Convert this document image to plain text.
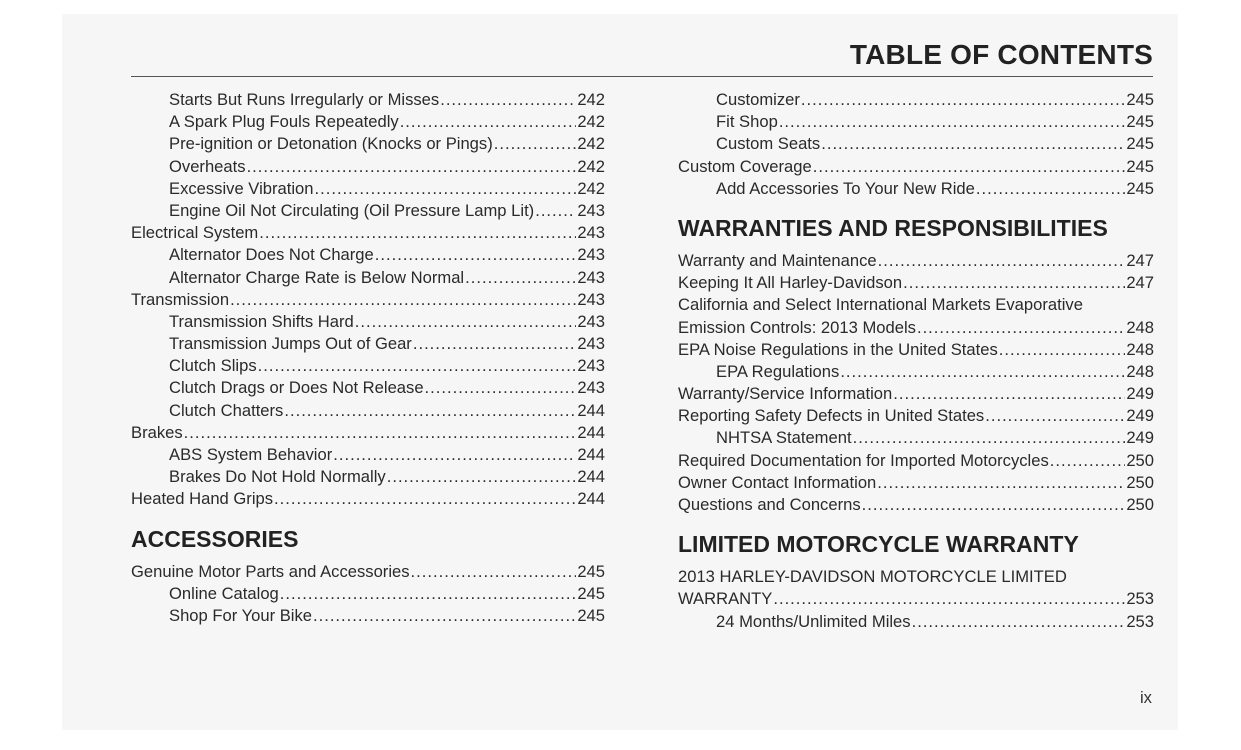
TABLE OF CONTENTS
Starts But Runs Irregularly or Misses .....	242
A Spark Plug Fouls Repeatedly .....	242
Pre-ignition or Detonation (Knocks or Pings) .....	242
Overheats .....	242
Excessive Vibration .....	242
Engine Oil Not Circulating (Oil Pressure Lamp Lit) .....	243
Electrical System .....	243
Alternator Does Not Charge .....	243
Alternator Charge Rate is Below Normal .....	243
Transmission .....	243
Transmission Shifts Hard .....	243
Transmission Jumps Out of Gear .....	243
Clutch Slips .....	243
Clutch Drags or Does Not Release .....	243
Clutch Chatters .....	244
Brakes .....	244
ABS System Behavior .....	244
Brakes Do Not Hold Normally .....	244
Heated Hand Grips .....	244
ACCESSORIES
Genuine Motor Parts and Accessories .....	245
Online Catalog .....	245
Shop For Your Bike .....	245
Customizer .....	245
Fit Shop .....	245
Custom Seats .....	245
Custom Coverage .....	245
Add Accessories To Your New Ride .....	245
WARRANTIES AND RESPONSIBILITIES
Warranty and Maintenance .....	247
Keeping It All Harley-Davidson .....	247
California and Select International Markets Evaporative
Emission Controls: 2013 Models .....	248
EPA Noise Regulations in the United States .....	248
EPA Regulations .....	248
Warranty/Service Information .....	249
Reporting Safety Defects in United States .....	249
NHTSA Statement .....	249
Required Documentation for Imported Motorcycles .....	250
Owner Contact Information .....	250
Questions and Concerns .....	250
LIMITED MOTORCYCLE WARRANTY
2013 HARLEY-DAVIDSON MOTORCYCLE LIMITED
WARRANTY .....	253
24 Months/Unlimited Miles .....	253
ix
